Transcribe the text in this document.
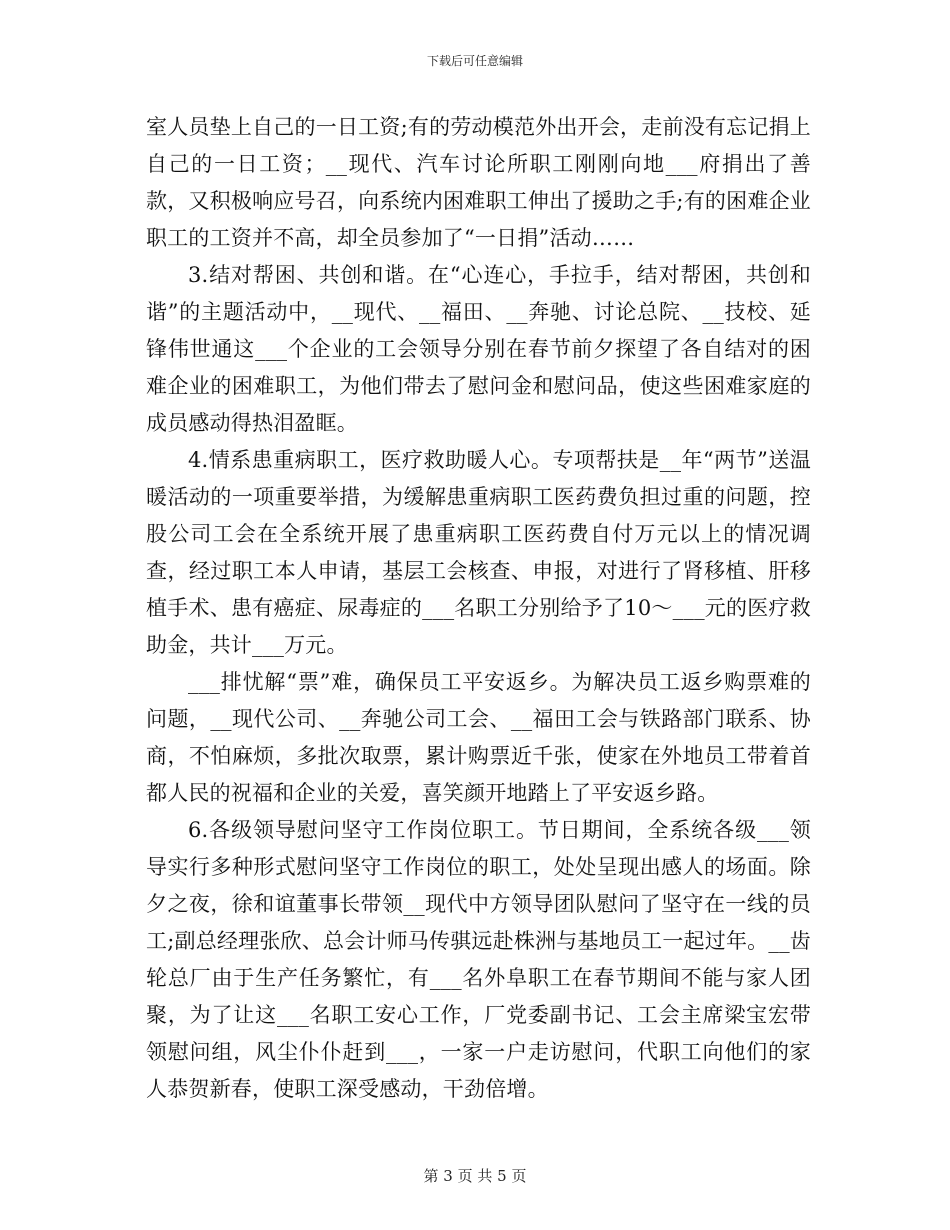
下载后可任意编辑

室人员垫上自己的一日工资;有的劳动模范外出开会，走前没有忘记捐上自己的一日工资；__现代、汽车讨论所职工刚刚向地___府捐出了善款，又积极响应号召，向系统内困难职工伸出了援助之手;有的困难企业职工的工资并不高，却全员参加了“一日捐”活动……

3.结对帮困、共创和谐。在“心连心，手拉手，结对帮困，共创和谐”的主题活动中，__现代、__福田、__奔驰、讨论总院、__技校、延锋伟世通这___个企业的工会领导分别在春节前夕探望了各自结对的困难企业的困难职工，为他们带去了慰问金和慰问品，使这些困难家庭的成员感动得热泪盈眶。

4.情系患重病职工，医疗救助暖人心。专项帮扶是__年“两节”送温暖活动的一项重要举措，为缓解患重病职工医药费负担过重的问题，控股公司工会在全系统开展了患重病职工医药费自付万元以上的情况调查，经过职工本人申请，基层工会核查、申报，对进行了肾移植、肝移植手术、患有癌症、尿毒症的___名职工分别给予了10～___元的医疗救助金，共计___万元。

___排忧解“票”难，确保员工平安返乡。为解决员工返乡购票难的问题，__现代公司、__奔驰公司工会、__福田工会与铁路部门联系、协商，不怕麻烦，多批次取票，累计购票近千张，使家在外地员工带着首都人民的祝福和企业的关爱，喜笑颜开地踏上了平安返乡路。

6.各级领导慰问坚守工作岗位职工。节日期间，全系统各级___领导实行多种形式慰问坚守工作岗位的职工，处处呈现出感人的场面。除夕之夜，徐和谊董事长带领__现代中方领导团队慰问了坚守在一线的员工;副总经理张欣、总会计师马传骐远赴株洲与基地员工一起过年。__齿轮总厂由于生产任务繁忙，有___名外阜职工在春节期间不能与家人团聚，为了让这___名职工安心工作，厂党委副书记、工会主席梁宝宏带领慰问组，风尘仆仆赶到___，一家一户走访慰问，代职工向他们的家人恭贺新春，使职工深受感动，干劲倍增。

第 3 页 共 5 页
